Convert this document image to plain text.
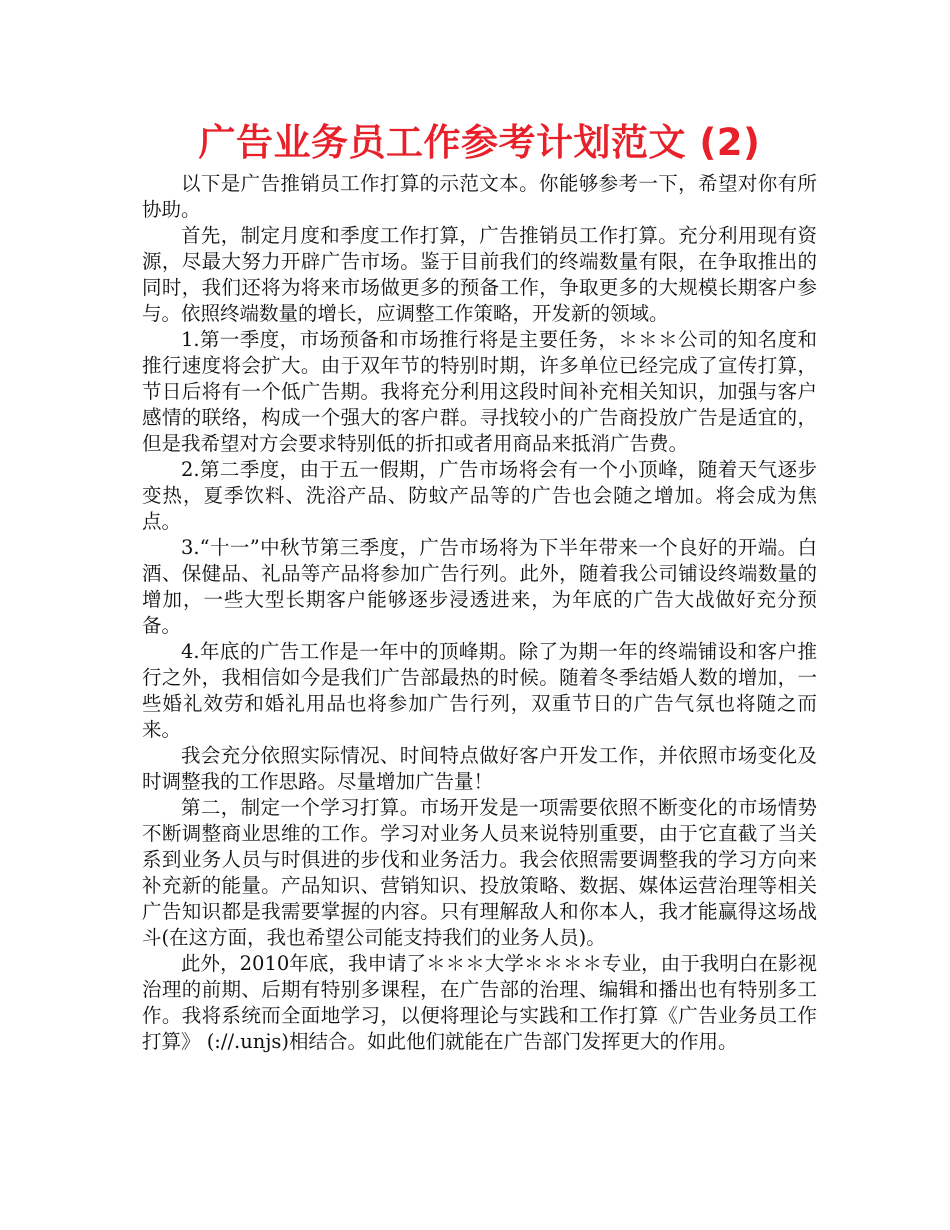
广告业务员工作参考计划范文 (2)

以下是广告推销员工作打算的示范文本。你能够参考一下，希望对你有所协助。

首先，制定月度和季度工作打算，广告推销员工作打算。充分利用现有资源，尽最大努力开辟广告市场。鉴于目前我们的终端数量有限，在争取推出的同时，我们还将为将来市场做更多的预备工作，争取更多的大规模长期客户参与。依照终端数量的增长，应调整工作策略，开发新的领域。

1.第一季度，市场预备和市场推行将是主要任务，＊＊＊公司的知名度和推行速度将会扩大。由于双年节的特别时期，许多单位已经完成了宣传打算，节日后将有一个低广告期。我将充分利用这段时间补充相关知识，加强与客户感情的联络，构成一个强大的客户群。寻找较小的广告商投放广告是适宜的，但是我希望对方会要求特别低的折扣或者用商品来抵消广告费。

2.第二季度，由于五一假期，广告市场将会有一个小顶峰，随着天气逐步变热，夏季饮料、洗浴产品、防蚊产品等的广告也会随之增加。将会成为焦点。

3.“十一”中秋节第三季度，广告市场将为下半年带来一个良好的开端。白酒、保健品、礼品等产品将参加广告行列。此外，随着我公司铺设终端数量的增加，一些大型长期客户能够逐步浸透进来，为年底的广告大战做好充分预备。

4.年底的广告工作是一年中的顶峰期。除了为期一年的终端铺设和客户推行之外，我相信如今是我们广告部最热的时候。随着冬季结婚人数的增加，一些婚礼效劳和婚礼用品也将参加广告行列，双重节日的广告气氛也将随之而来。

我会充分依照实际情况、时间特点做好客户开发工作，并依照市场变化及时调整我的工作思路。尽量增加广告量！

第二，制定一个学习打算。市场开发是一项需要依照不断变化的市场情势不断调整商业思维的工作。学习对业务人员来说特别重要，由于它直截了当关系到业务人员与时俱进的步伐和业务活力。我会依照需要调整我的学习方向来补充新的能量。产品知识、营销知识、投放策略、数据、媒体运营治理等相关广告知识都是我需要掌握的内容。只有理解敌人和你本人，我才能赢得这场战斗(在这方面，我也希望公司能支持我们的业务人员)。

此外，2010年底，我申请了＊＊＊大学＊＊＊＊专业，由于我明白在影视治理的前期、后期有特别多课程，在广告部的治理、编辑和播出也有特别多工作。我将系统而全面地学习，以便将理论与实践和工作打算《广告业务员工作打算》 (://.unjs)相结合。如此他们就能在广告部门发挥更大的作用。
